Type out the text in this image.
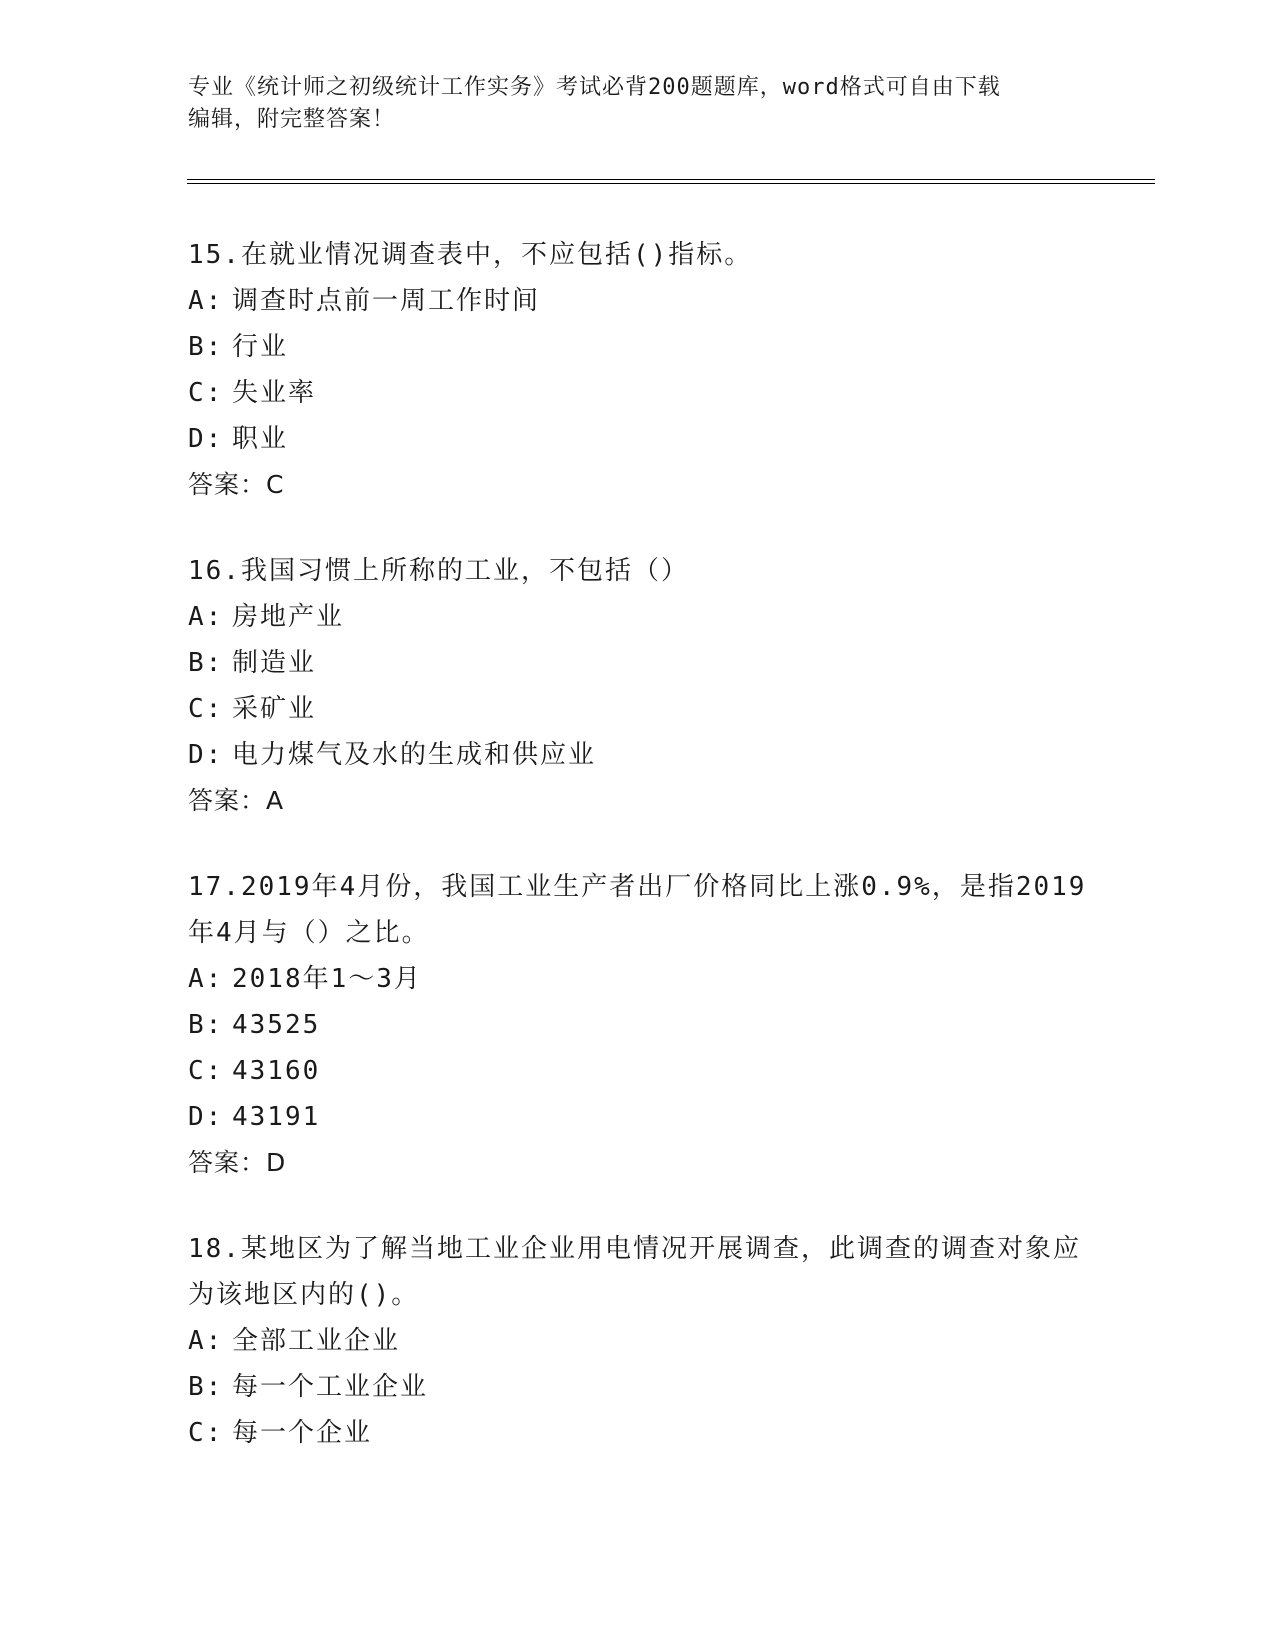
专业《统计师之初级统计工作实务》考试必背200题题库，word格式可自由下载
编辑，附完整答案！
15.在就业情况调查表中，不应包括()指标。
A: 调查时点前一周工作时间
B: 行业
C: 失业率
D: 职业
答案：C
16.我国习惯上所称的工业，不包括（）
A: 房地产业
B: 制造业
C: 采矿业
D: 电力煤气及水的生成和供应业
答案：A
17.2019年4月份，我国工业生产者出厂价格同比上涨0.9%，是指2019年4月与（）之比。
A: 2018年1～3月
B: 43525
C: 43160
D: 43191
答案：D
18.某地区为了解当地工业企业用电情况开展调查，此调查的调查对象应为该地区内的()。
A: 全部工业企业
B: 每一个工业企业
C: 每一个企业
